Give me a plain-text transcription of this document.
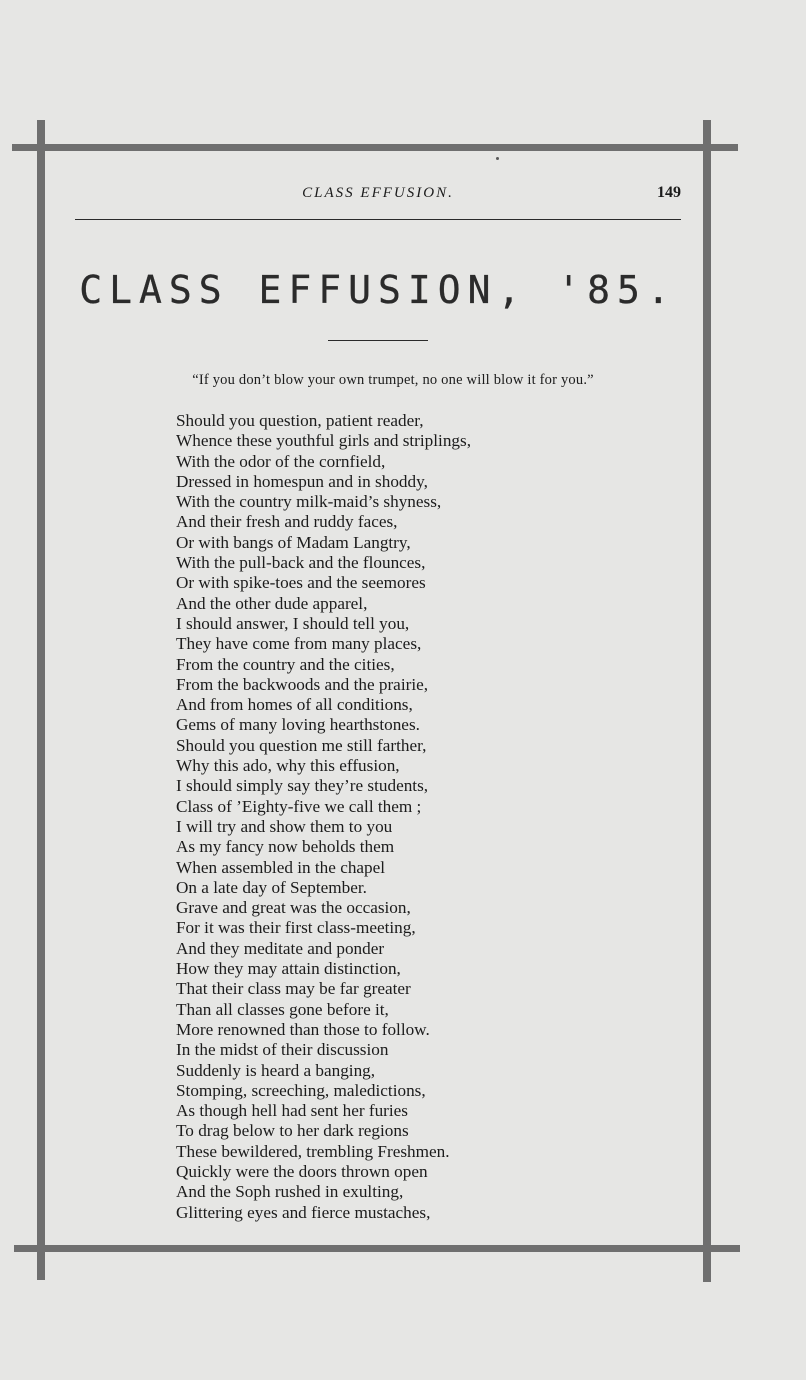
CLASS EFFUSION.	149
CLASS EFFUSION, '85.
“If you don’t blow your own trumpet, no one will blow it for you.”
Should you question, patient reader,
Whence these youthful girls and striplings,
With the odor of the cornfield,
Dressed in homespun and in shoddy,
With the country milk-maid’s shyness,
And their fresh and ruddy faces,
Or with bangs of Madam Langtry,
With the pull-back and the flounces,
Or with spike-toes and the seemores
And the other dude apparel,
I should answer, I should tell you,
They have come from many places,
From the country and the cities,
From the backwoods and the prairie,
And from homes of all conditions,
Gems of many loving hearthstones.
Should you question me still farther,
Why this ado, why this effusion,
I should simply say they’re students,
Class of ’Eighty-five we call them ;
I will try and show them to you
As my fancy now beholds them
When assembled in the chapel
On a late day of September.
Grave and great was the occasion,
For it was their first class-meeting,
And they meditate and ponder
How they may attain distinction,
That their class may be far greater
Than all classes gone before it,
More renowned than those to follow.
In the midst of their discussion
Suddenly is heard a banging,
Stomping, screeching, maledictions,
As though hell had sent her furies
To drag below to her dark regions
These bewildered, trembling Freshmen.
Quickly were the doors thrown open
And the Soph rushed in exulting,
Glittering eyes and fierce mustaches,
